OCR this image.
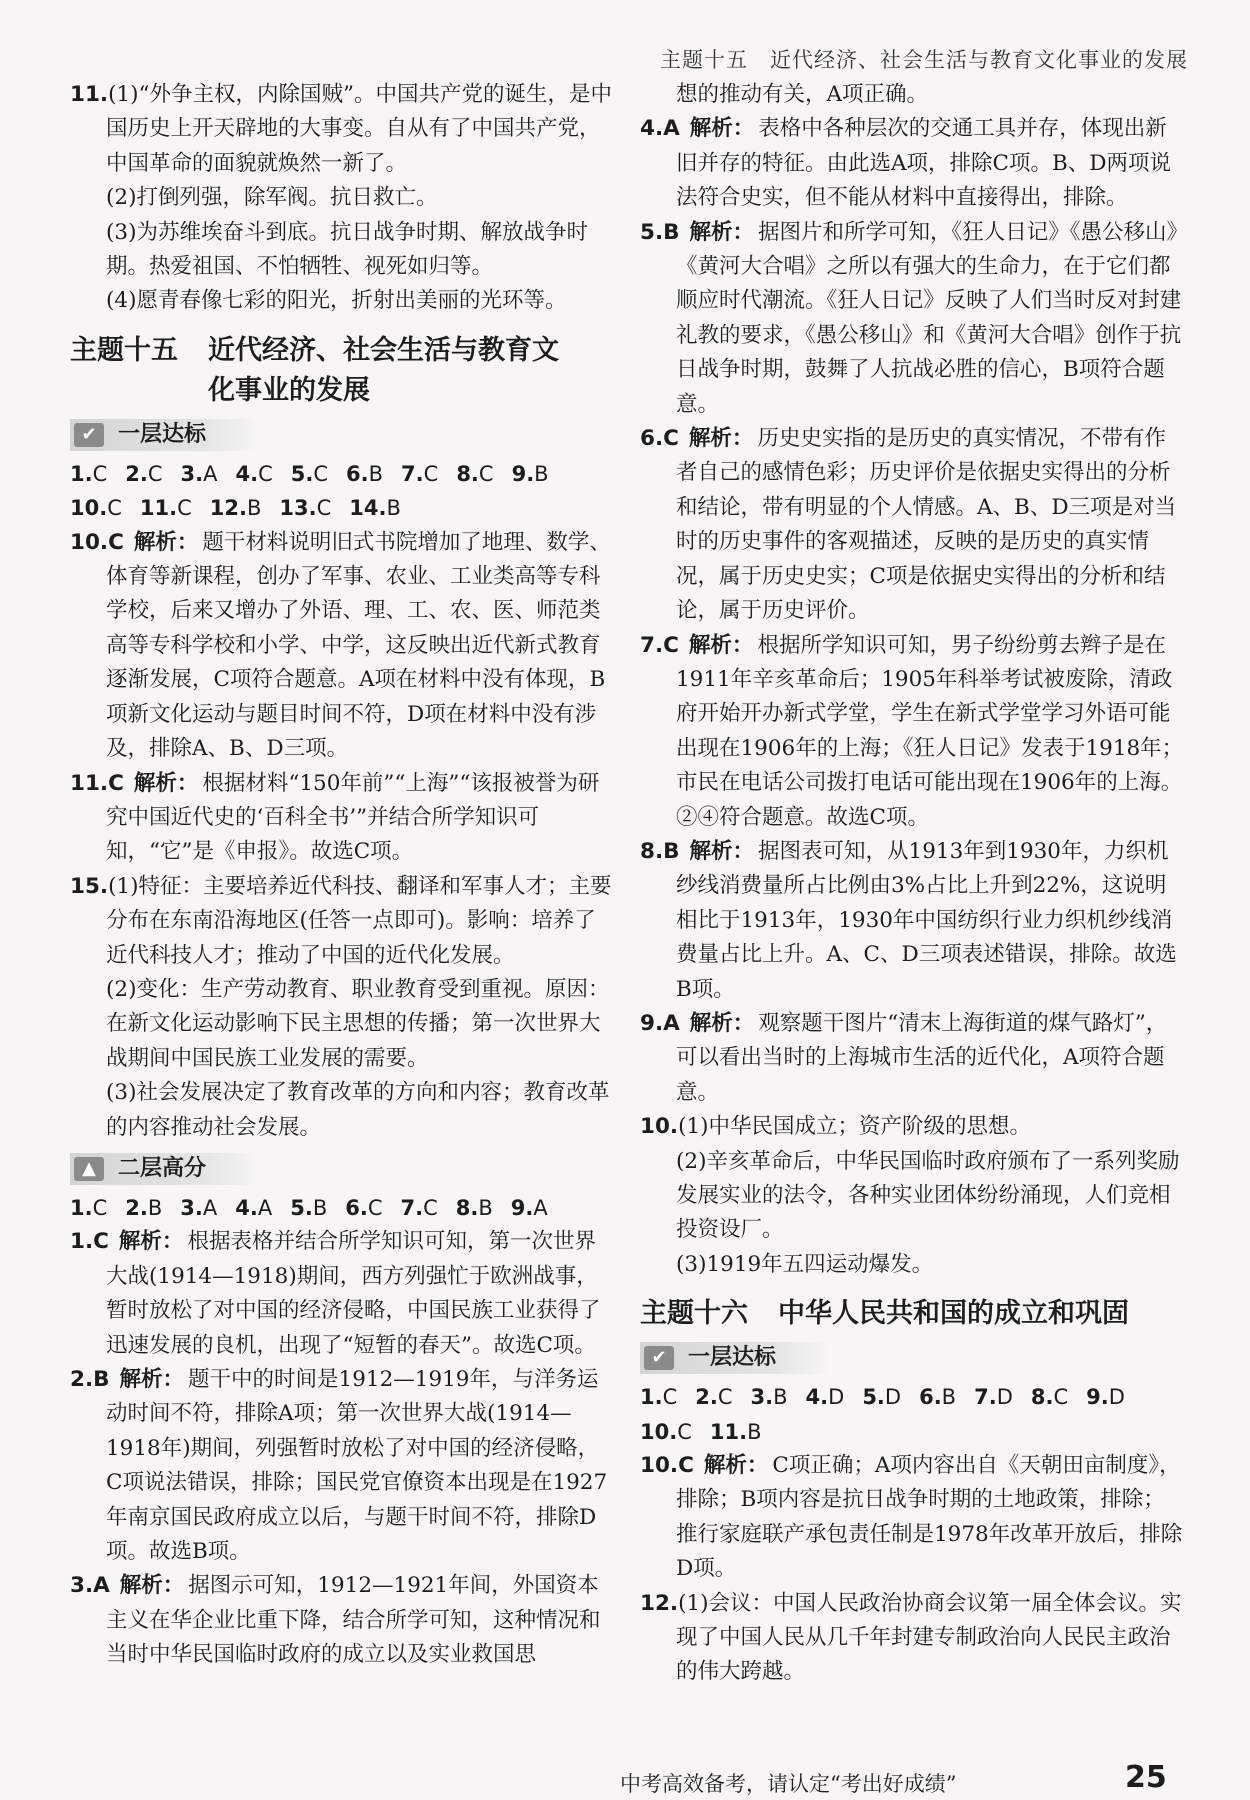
主题十五　近代经济、社会生活与教育文化事业的发展

11.(1)“外争主权，内除国贼”。中国共产党的诞生，是中国历史上开天辟地的大事变。自从有了中国共产党，中国革命的面貌就焕然一新了。

(2)打倒列强，除军阀。抗日救亡。

(3)为苏维埃奋斗到底。抗日战争时期、解放战争时期。热爱祖国、不怕牺牲、视死如归等。

(4)愿青春像七彩的阳光，折射出美丽的光环等。

主题十五 近代经济、社会生活与教育文化事业的发展
✔ 一层达标

1.C 2.C 3.A 4.C 5.C 6.B 7.C 8.C 9.B10.C 11.C 12.B 13.C 14.B

10.C 解析： 题干材料说明旧式书院增加了地理、数学、体育等新课程，创办了军事、农业、工业类高等专科学校，后来又增办了外语、理、工、农、医、师范类高等专科学校和小学、中学，这反映出近代新式教育逐渐发展，C项符合题意。A项在材料中没有体现，B项新文化运动与题目时间不符，D项在材料中没有涉及，排除A、B、D三项。

11.C 解析： 根据材料“150年前”“上海”“该报被誉为研究中国近代史的‘百科全书’”并结合所学知识可知，“它”是《申报》。故选C项。

15.(1)特征：主要培养近代科技、翻译和军事人才；主要分布在东南沿海地区(任答一点即可)。影响：培养了近代科技人才；推动了中国的近代化发展。

(2)变化：生产劳动教育、职业教育受到重视。原因：在新文化运动影响下民主思想的传播；第一次世界大战期间中国民族工业发展的需要。

(3)社会发展决定了教育改革的方向和内容；教育改革的内容推动社会发展。

▲	二层高分

1.C 2.B 3.A 4.A 5.B 6.C 7.C 8.B 9.A

1.C 解析： 根据表格并结合所学知识可知，第一次世界大战(1914—1918)期间，西方列强忙于欧洲战事，暂时放松了对中国的经济侵略，中国民族工业获得了迅速发展的良机，出现了“短暂的春天”。故选C项。

2.B 解析： 题干中的时间是1912—1919年，与洋务运动时间不符，排除A项；第一次世界大战(1914—1918年)期间，列强暂时放松了对中国的经济侵略，C项说法错误，排除；国民党官僚资本出现是在1927年南京国民政府成立以后，与题干时间不符，排除D项。故选B项。

3.A 解析： 据图示可知，1912—1921年间，外国资本主义在华企业比重下降，结合所学可知，这种情况和当时中华民国临时政府的成立以及实业救国思

想的推动有关，A项正确。

4.A 解析： 表格中各种层次的交通工具并存，体现出新旧并存的特征。由此选A项，排除C项。B、D两项说法符合史实，但不能从材料中直接得出，排除。

5.B 解析： 据图片和所学可知，《狂人日记》《愚公移山》《黄河大合唱》之所以有强大的生命力，在于它们都顺应时代潮流。《狂人日记》反映了人们当时反对封建礼教的要求，《愚公移山》和《黄河大合唱》创作于抗日战争时期，鼓舞了人抗战必胜的信心，B项符合题意。

6.C 解析： 历史史实指的是历史的真实情况，不带有作者自己的感情色彩；历史评价是依据史实得出的分析和结论，带有明显的个人情感。A、B、D三项是对当时的历史事件的客观描述，反映的是历史的真实情况，属于历史史实；C项是依据史实得出的分析和结论，属于历史评价。

7.C 解析： 根据所学知识可知，男子纷纷剪去辫子是在1911年辛亥革命后；1905年科举考试被废除，清政府开始开办新式学堂，学生在新式学堂学习外语可能出现在1906年的上海；《狂人日记》发表于1918年；市民在电话公司拨打电话可能出现在1906年的上海。②④符合题意。故选C项。

8.B 解析： 据图表可知，从1913年到1930年，力织机纱线消费量所占比例由3%占比上升到22%，这说明相比于1913年，1930年中国纺织行业力织机纱线消费量占比上升。A、C、D三项表述错误，排除。故选B项。

9.A 解析： 观察题干图片“清末上海街道的煤气路灯”，可以看出当时的上海城市生活的近代化，A项符合题意。

10.(1)中华民国成立；资产阶级的思想。

(2)辛亥革命后，中华民国临时政府颁布了一系列奖励发展实业的法令，各种实业团体纷纷涌现，人们竞相投资设厂。

(3)1919年五四运动爆发。

主题十六 中华人民共和国的成立和巩固
✔ 一层达标

1.C 2.C 3.B 4.D 5.D 6.B 7.D 8.C 9.D10.C 11.B

10.C 解析： C项正确；A项内容出自《天朝田亩制度》，排除；B项内容是抗日战争时期的土地政策，排除；推行家庭联产承包责任制是1978年改革开放后，排除D项。

12.(1)会议：中国人民政治协商会议第一届全体会议。实现了中国人民从几千年封建专制政治向人民民主政治的伟大跨越。

中考高效备考，请认定“考出好成绩”	25
